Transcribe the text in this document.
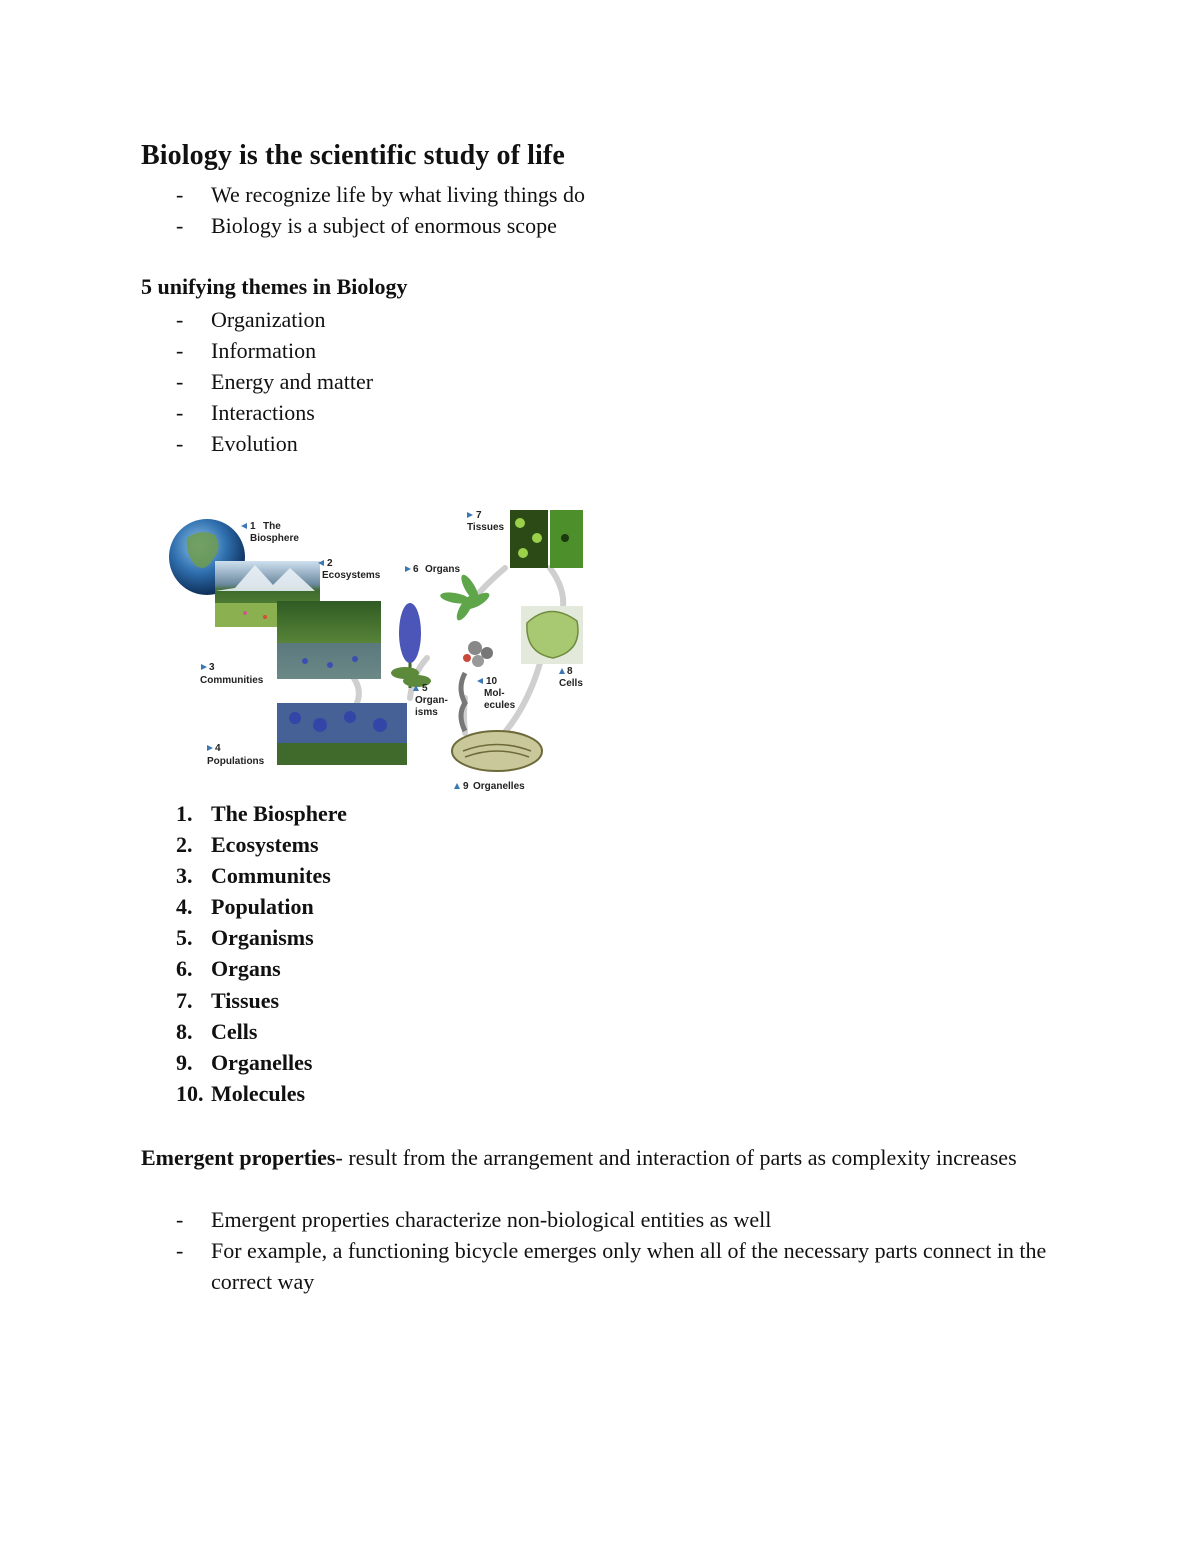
Biology is the scientific study of life
- We recognize life by what living things do
- Biology is a subject of enormous scope
5 unifying themes in Biology
- Organization
- Information
- Energy and matter
- Interactions
- Evolution
1 The
Biosphere
2
Ecosystems
6 Organs
7
Tissues
3
Communities
5
Organ-
isms
10
Mol-
ecules
8
Cells
4
Populations
9 Organelles
1. The Biosphere
2. Ecosystems
3. Communites
4. Population
5. Organisms
6. Organs
7. Tissues
8. Cells
9. Organelles
10. Molecules
Emergent properties- result from the arrangement and interaction of parts as complexity increases
- Emergent properties characterize non-biological entities as well
- For example, a functioning bicycle emerges only when all of the necessary parts connect in the correct way
